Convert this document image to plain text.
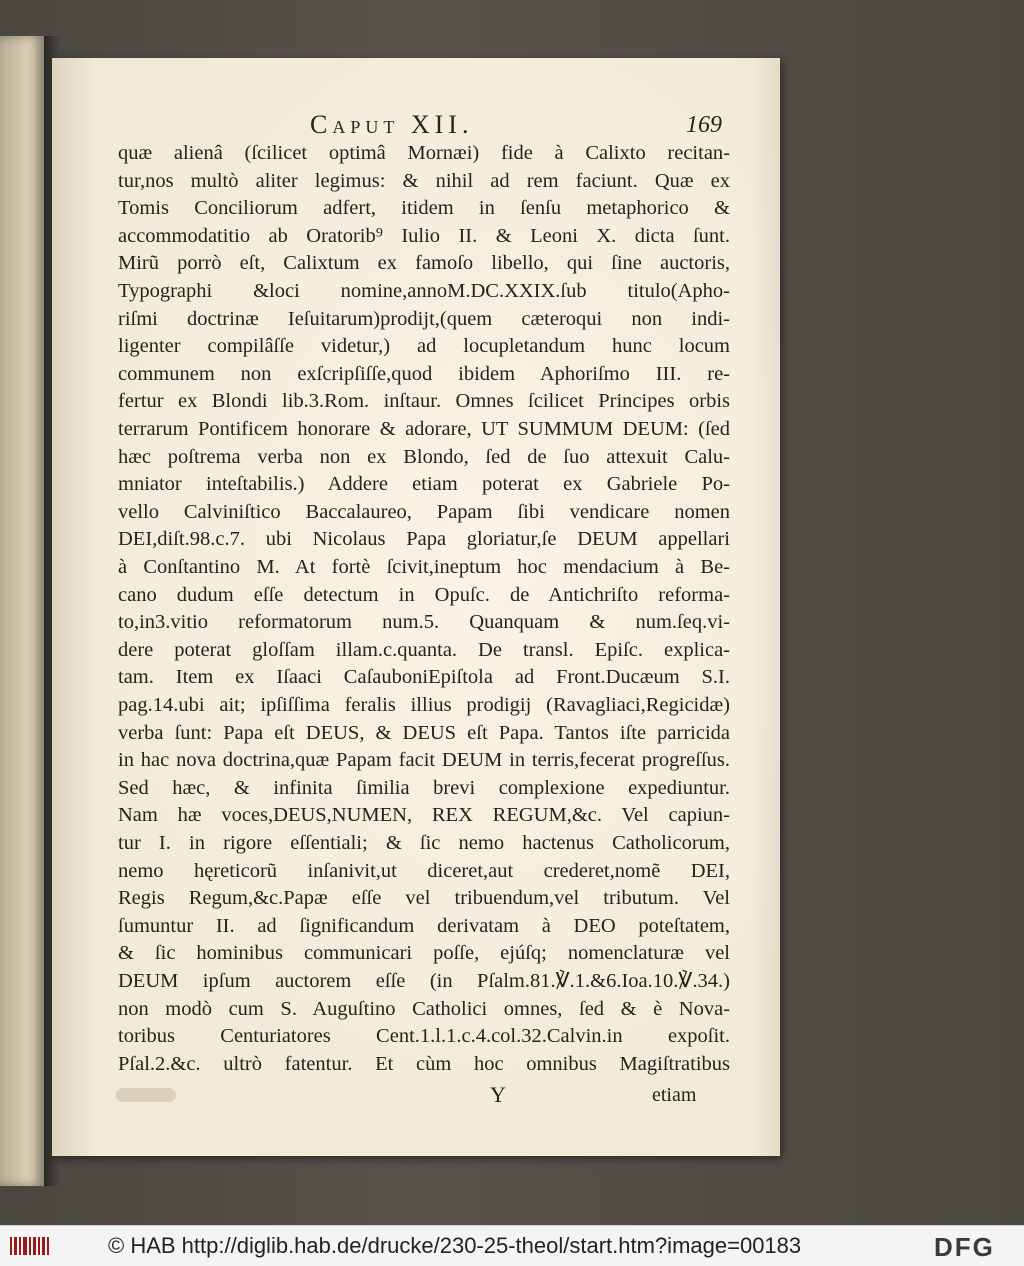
Caput XII.	169
quæ alienâ (ſcilicet optimâ Mornæi) fide à Calixto recitan-
tur,nos multò aliter legimus: & nihil ad rem faciunt. Quæ ex
Tomis Conciliorum adfert, itidem in ſenſu metaphorico &
accommodatitio ab Oratorib⁹ Iulio II. & Leoni X. dicta ſunt.
Mirũ porrò eſt, Calixtum ex famoſo libello, qui ſine auctoris,
Typographi &loci nomine,annoM.DC.XXIX.ſub titulo(Apho-
riſmi doctrinæ Ieſuitarum)prodijt,(quem cæteroqui non indi-
ligenter compilâſſe videtur,) ad locupletandum hunc locum
communem non exſcripſiſſe,quod ibidem Aphoriſmo III. re-
fertur ex Blondi lib.3.Rom. inſtaur. Omnes ſcilicet Principes orbis
terrarum Pontificem honorare & adorare, UT SUMMUM DEUM: (ſed
hæc poſtrema verba non ex Blondo, ſed de ſuo attexuit Calu-
mniator inteſtabilis.) Addere etiam poterat ex Gabriele Po-
vello Calviniſtico Baccalaureo, Papam ſibi vendicare nomen
DEI,diſt.98.c.7. ubi Nicolaus Papa gloriatur,ſe DEUM appellari
à Conſtantino M. At fortè ſcivit,ineptum hoc mendacium à Be-
cano dudum eſſe detectum in Opuſc. de Antichriſto reforma-
to,in3.vitio reformatorum num.5. Quanquam & num.ſeq.vi-
dere poterat gloſſam illam.c.quanta. De transl. Epiſc. explica-
tam. Item ex Iſaaci CaſauboniEpiſtola ad Front.Ducæum S.I.
pag.14.ubi ait; ipſiſſima feralis illius prodigij (Ravagliaci,Regicidæ)
verba ſunt: Papa eſt DEUS, & DEUS eſt Papa. Tantos iſte parricida
in hac nova doctrina,quæ Papam facit DEUM in terris,fecerat progreſſus.
Sed hæc, & infinita ſimilia brevi complexione expediuntur.
Nam hæ voces,DEUS,NUMEN, REX REGUM,&c. Vel capiun-
tur I. in rigore eſſentiali; & ſic nemo hactenus Catholicorum,
nemo hęreticorũ inſanivit,ut diceret,aut crederet,nomẽ DEI,
Regis Regum,&c.Papæ eſſe vel tribuendum,vel tributum. Vel
ſumuntur II. ad ſignificandum derivatam à DEO poteſtatem,
& ſic hominibus communicari poſſe, ejúſq; nomenclaturæ vel
DEUM ipſum auctorem eſſe (in Pſalm.81.℣.1.&6.Ioa.10.℣.34.)
non modò cum S. Auguſtino Catholici omnes, ſed & è Nova-
toribus Centuriatores Cent.1.l.1.c.4.col.32.Calvin.in expoſit.
Pſal.2.&c. ultrò fatentur. Et cùm hoc omnibus Magiſtratibus
Y	etiam
© HAB http://diglib.hab.de/drucke/230-25-theol/start.htm?image=00183	DFG
